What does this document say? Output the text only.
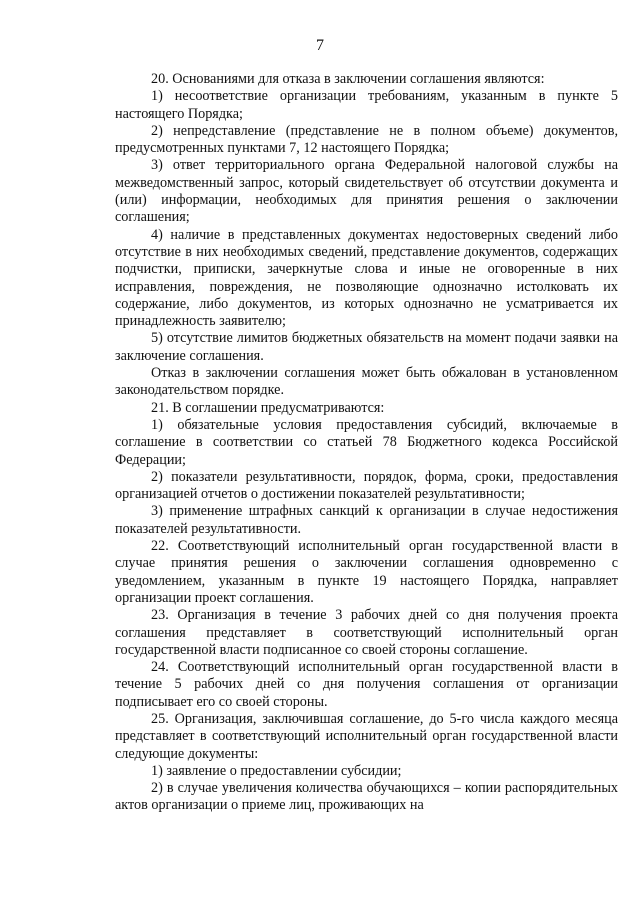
7

20. Основаниями для отказа в заключении соглашения являются:

1) несоответствие организации требованиям, указанным в пункте 5 настоящего Порядка;

2) непредставление (представление не в полном объеме) документов, предусмотренных пунктами 7, 12 настоящего Порядка;

3) ответ территориального органа Федеральной налоговой службы на межведомственный запрос, который свидетельствует об отсутствии документа и (или) информации, необходимых для принятия решения о заключении соглашения;

4) наличие в представленных документах недостоверных сведений либо отсутствие в них необходимых сведений, представление документов, содержащих подчистки, приписки, зачеркнутые слова и иные не оговоренные в них исправления, повреждения, не позволяющие однозначно истолковать их содержание, либо документов, из которых однозначно не усматривается их принадлежность заявителю;

5) отсутствие лимитов бюджетных обязательств на момент подачи заявки на заключение соглашения.

Отказ в заключении соглашения может быть обжалован в установленном законодательством порядке.

21. В соглашении предусматриваются:

1) обязательные условия предоставления субсидий, включаемые в соглашение в соответствии со статьей 78 Бюджетного кодекса Российской Федерации;

2) показатели результативности, порядок, форма, сроки, предоставления организацией отчетов о достижении показателей результативности;

3) применение штрафных санкций к организации в случае недостижения показателей результативности.

22. Соответствующий исполнительный орган государственной власти в случае принятия решения о заключении соглашения одновременно с уведомлением, указанным в пункте 19 настоящего Порядка, направляет организации проект соглашения.

23. Организация в течение 3 рабочих дней со дня получения проекта соглашения представляет в соответствующий исполнительный орган государственной власти подписанное со своей стороны соглашение.

24. Соответствующий исполнительный орган государственной власти в течение 5 рабочих дней со дня получения соглашения от организации подписывает его со своей стороны.

25. Организация, заключившая соглашение, до 5-го числа каждого месяца представляет в соответствующий исполнительный орган государственной власти следующие документы:

1) заявление о предоставлении субсидии;

2) в случае увеличения количества обучающихся – копии распорядительных актов организации о приеме лиц, проживающих на
